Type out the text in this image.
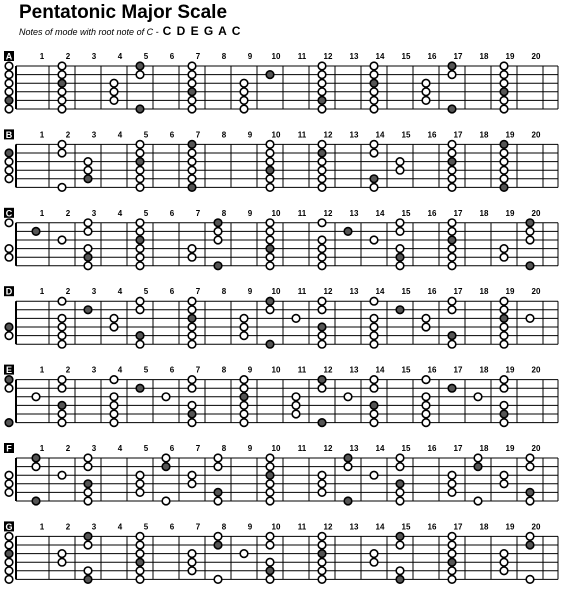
Pentatonic Major Scale
Notes of mode with root note of C - C D E G A C
A	1	2	3	4	5	6	7	8	9 10 11 12 13 14 15 16 17 18 19 20
B	1	2	3	4	5	6	7	8	9 10 11 12 13 14 15 16 17 18 19 20
C	1	2	3	4	5	6	7	8	9 10 11 12 13 14 15 16 17 18 19 20
D	1	2	3	4	5	6	7	8	9 10 11 12 13 14 15 16 17 18 19 20
E	1	2	3	4	5	6	7	8	9 10 11 12 13 14 15 16 17 18 19 20
F	1	2	3	4	5	6	7	8	9 10 11 12 13 14 15 16 17 18 19 20
G	1	2	3	4	5	6	7	8	9 10 11 12 13 14 15 16 17 18 19 20
